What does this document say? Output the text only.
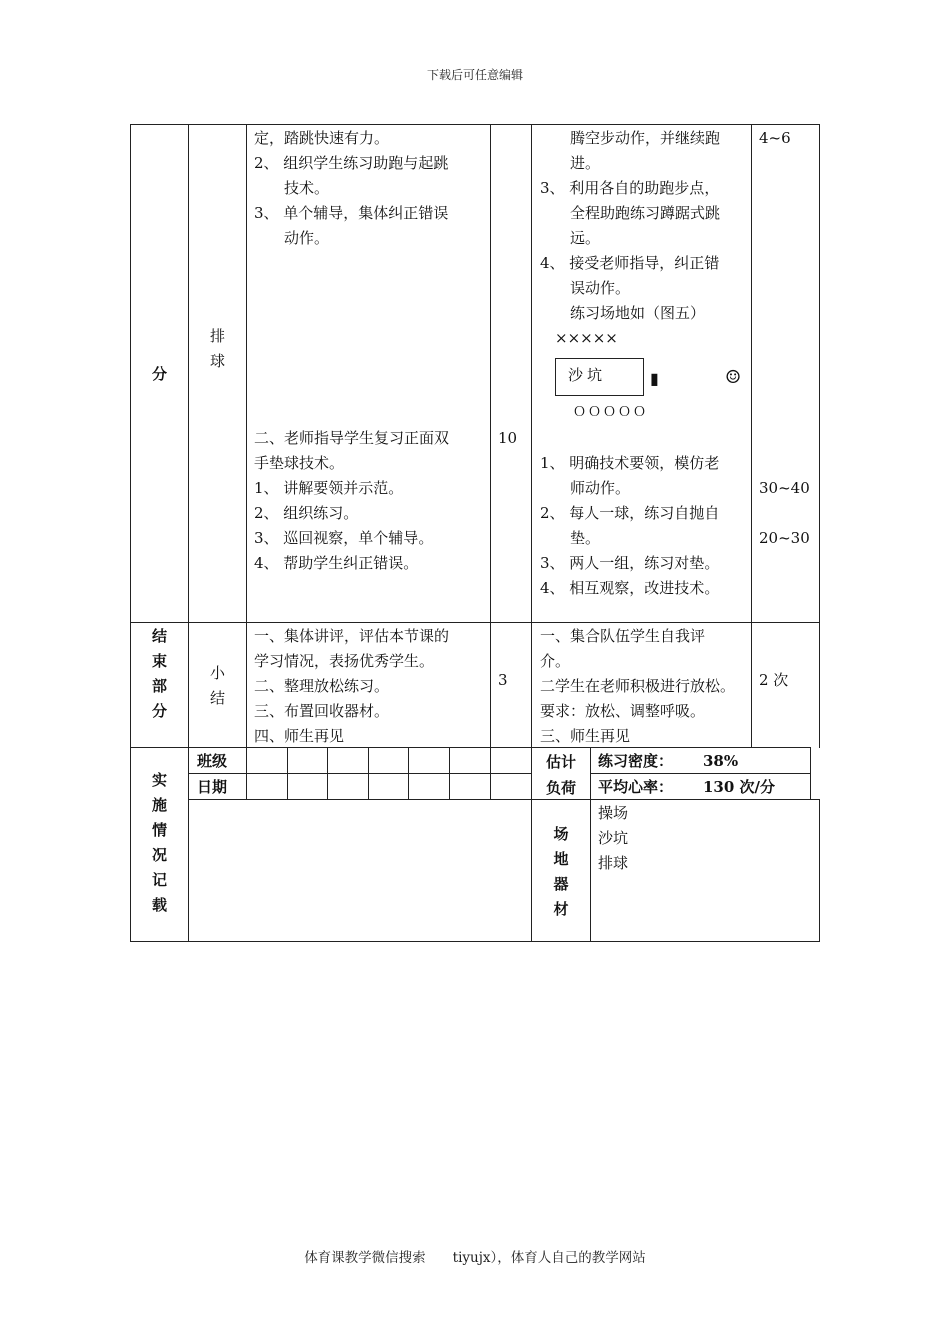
下载后可任意编辑
体育课教学微信搜索　　tiyujx），体育人自己的教学网站
分
排
球
定，踏跳快速有力。
2、 组织学生练习助跑与起跳
　　技术。
3、 单个辅导，集体纠正错误
　　动作。
　　腾空步动作，并继续跑
　　进。
3、 利用各自的助跑步点，
　　全程助跑练习蹲踞式跳
　　远。
4、 接受老师指导，纠正错
　　误动作。
　　练习场地如（图五）
　×××××
沙坑	▮	☺
ＯＯＯＯＯ
4~6
10
二、老师指导学生复习正面双
手垫球技术。
1、 讲解要领并示范。
2、 组织练习。
3、 巡回视察，单个辅导。
4、 帮助学生纠正错误。
1、 明确技术要领，模仿老
　　师动作。
2、 每人一球，练习自抛自
　　垫。
3、 两人一组，练习对垫。
4、 相互观察，改进技术。
30~40
20~30
结
束
部
分
小
结
一、集体讲评，评估本节课的
学习情况，表扬优秀学生。
二、整理放松练习。
三、布置回收器材。
四、师生再见
3
一、集合队伍学生自我评
介。
二学生在老师积极进行放松。
要求：放松、调整呼吸。
三、师生再见
2 次
实
施
情
况
记
载
班级
日期
估计
负荷
练习密度： 38%
平均心率： 130 次/分
场
地
器
材
操场
沙坑
排球
